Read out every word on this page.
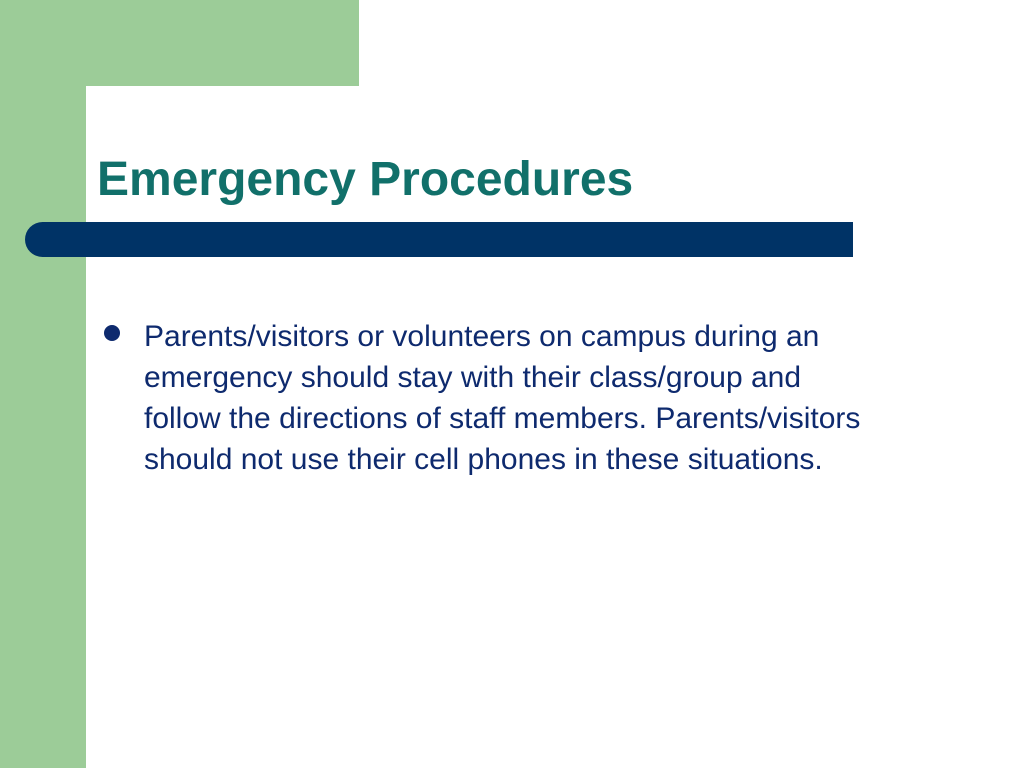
Emergency Procedures
Parents/visitors or volunteers on campus during an emergency should stay with their class/group and follow the directions of staff members. Parents/visitors should not use their cell phones in these situations.
